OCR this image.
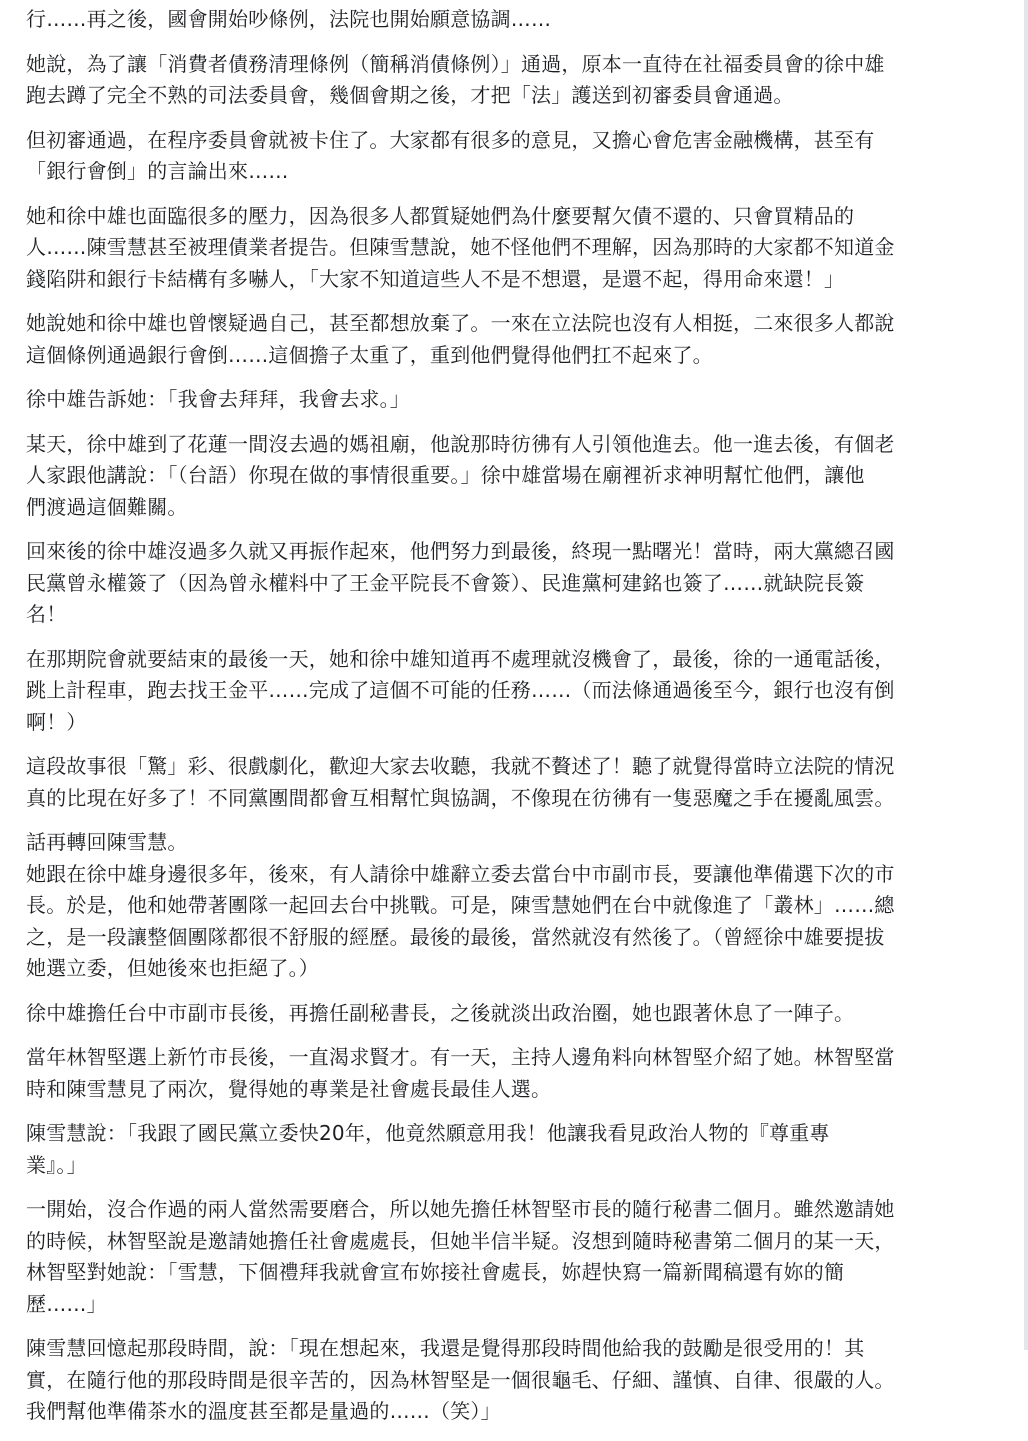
行……再之後，國會開始吵條例，法院也開始願意協調……

她說，為了讓「消費者債務清理條例（簡稱消債條例）」通過，原本一直待在社福委員會的徐中雄
跑去蹲了完全不熟的司法委員會，幾個會期之後，才把「法」護送到初審委員會通過。

但初審通過，在程序委員會就被卡住了。大家都有很多的意見，又擔心會危害金融機構，甚至有
「銀行會倒」的言論出來……

她和徐中雄也面臨很多的壓力，因為很多人都質疑她們為什麼要幫欠債不還的、只會買精品的
人……陳雪慧甚至被理債業者提告。但陳雪慧說，她不怪他們不理解，因為那時的大家都不知道金
錢陷阱和銀行卡結構有多嚇人，「大家不知道這些人不是不想還，是還不起，得用命來還！」

她說她和徐中雄也曾懷疑過自己，甚至都想放棄了。一來在立法院也沒有人相挺，二來很多人都說
這個條例通過銀行會倒……這個擔子太重了，重到他們覺得他們扛不起來了。

徐中雄告訴她：「我會去拜拜，我會去求。」

某天，徐中雄到了花蓮一間沒去過的媽祖廟，他說那時彷彿有人引領他進去。他一進去後，有個老
人家跟他講說：「（台語）你現在做的事情很重要。」徐中雄當場在廟裡祈求神明幫忙他們，讓他
們渡過這個難關。

回來後的徐中雄沒過多久就又再振作起來，他們努力到最後，終現一點曙光！當時，兩大黨總召國
民黨曾永權簽了（因為曾永權料中了王金平院長不會簽）、民進黨柯建銘也簽了……就缺院長簽
名！

在那期院會就要結束的最後一天，她和徐中雄知道再不處理就沒機會了，最後，徐的一通電話後，
跳上計程車，跑去找王金平……完成了這個不可能的任務……（而法條通過後至今，銀行也沒有倒
啊！）

這段故事很「驚」彩、很戲劇化，歡迎大家去收聽，我就不贅述了！聽了就覺得當時立法院的情況
真的比現在好多了！不同黨團間都會互相幫忙與協調，不像現在彷彿有一隻惡魔之手在擾亂風雲。

話再轉回陳雪慧。

她跟在徐中雄身邊很多年，後來，有人請徐中雄辭立委去當台中市副市長，要讓他準備選下次的市
長。於是，他和她帶著團隊一起回去台中挑戰。可是，陳雪慧她們在台中就像進了「叢林」……總
之，是一段讓整個團隊都很不舒服的經歷。最後的最後，當然就沒有然後了。（曾經徐中雄要提拔
她選立委，但她後來也拒絕了。）

徐中雄擔任台中市副市長後，再擔任副秘書長，之後就淡出政治圈，她也跟著休息了一陣子。

當年林智堅選上新竹市長後，一直渴求賢才。有一天，主持人邊角料向林智堅介紹了她。林智堅當
時和陳雪慧見了兩次，覺得她的專業是社會處長最佳人選。

陳雪慧說：「我跟了國民黨立委快20年，他竟然願意用我！他讓我看見政治人物的『尊重專
業』。」

一開始，沒合作過的兩人當然需要磨合，所以她先擔任林智堅市長的隨行秘書二個月。雖然邀請她
的時候，林智堅說是邀請她擔任社會處處長，但她半信半疑。沒想到隨時秘書第二個月的某一天，
林智堅對她說：「雪慧，下個禮拜我就會宣布妳接社會處長，妳趕快寫一篇新聞稿還有妳的簡
歷……」

陳雪慧回憶起那段時間，說：「現在想起來，我還是覺得那段時間他給我的鼓勵是很受用的！其
實，在隨行他的那段時間是很辛苦的，因為林智堅是一個很龜毛、仔細、謹慎、自律、很嚴的人。
我們幫他準備茶水的溫度甚至都是量過的……（笑）」
